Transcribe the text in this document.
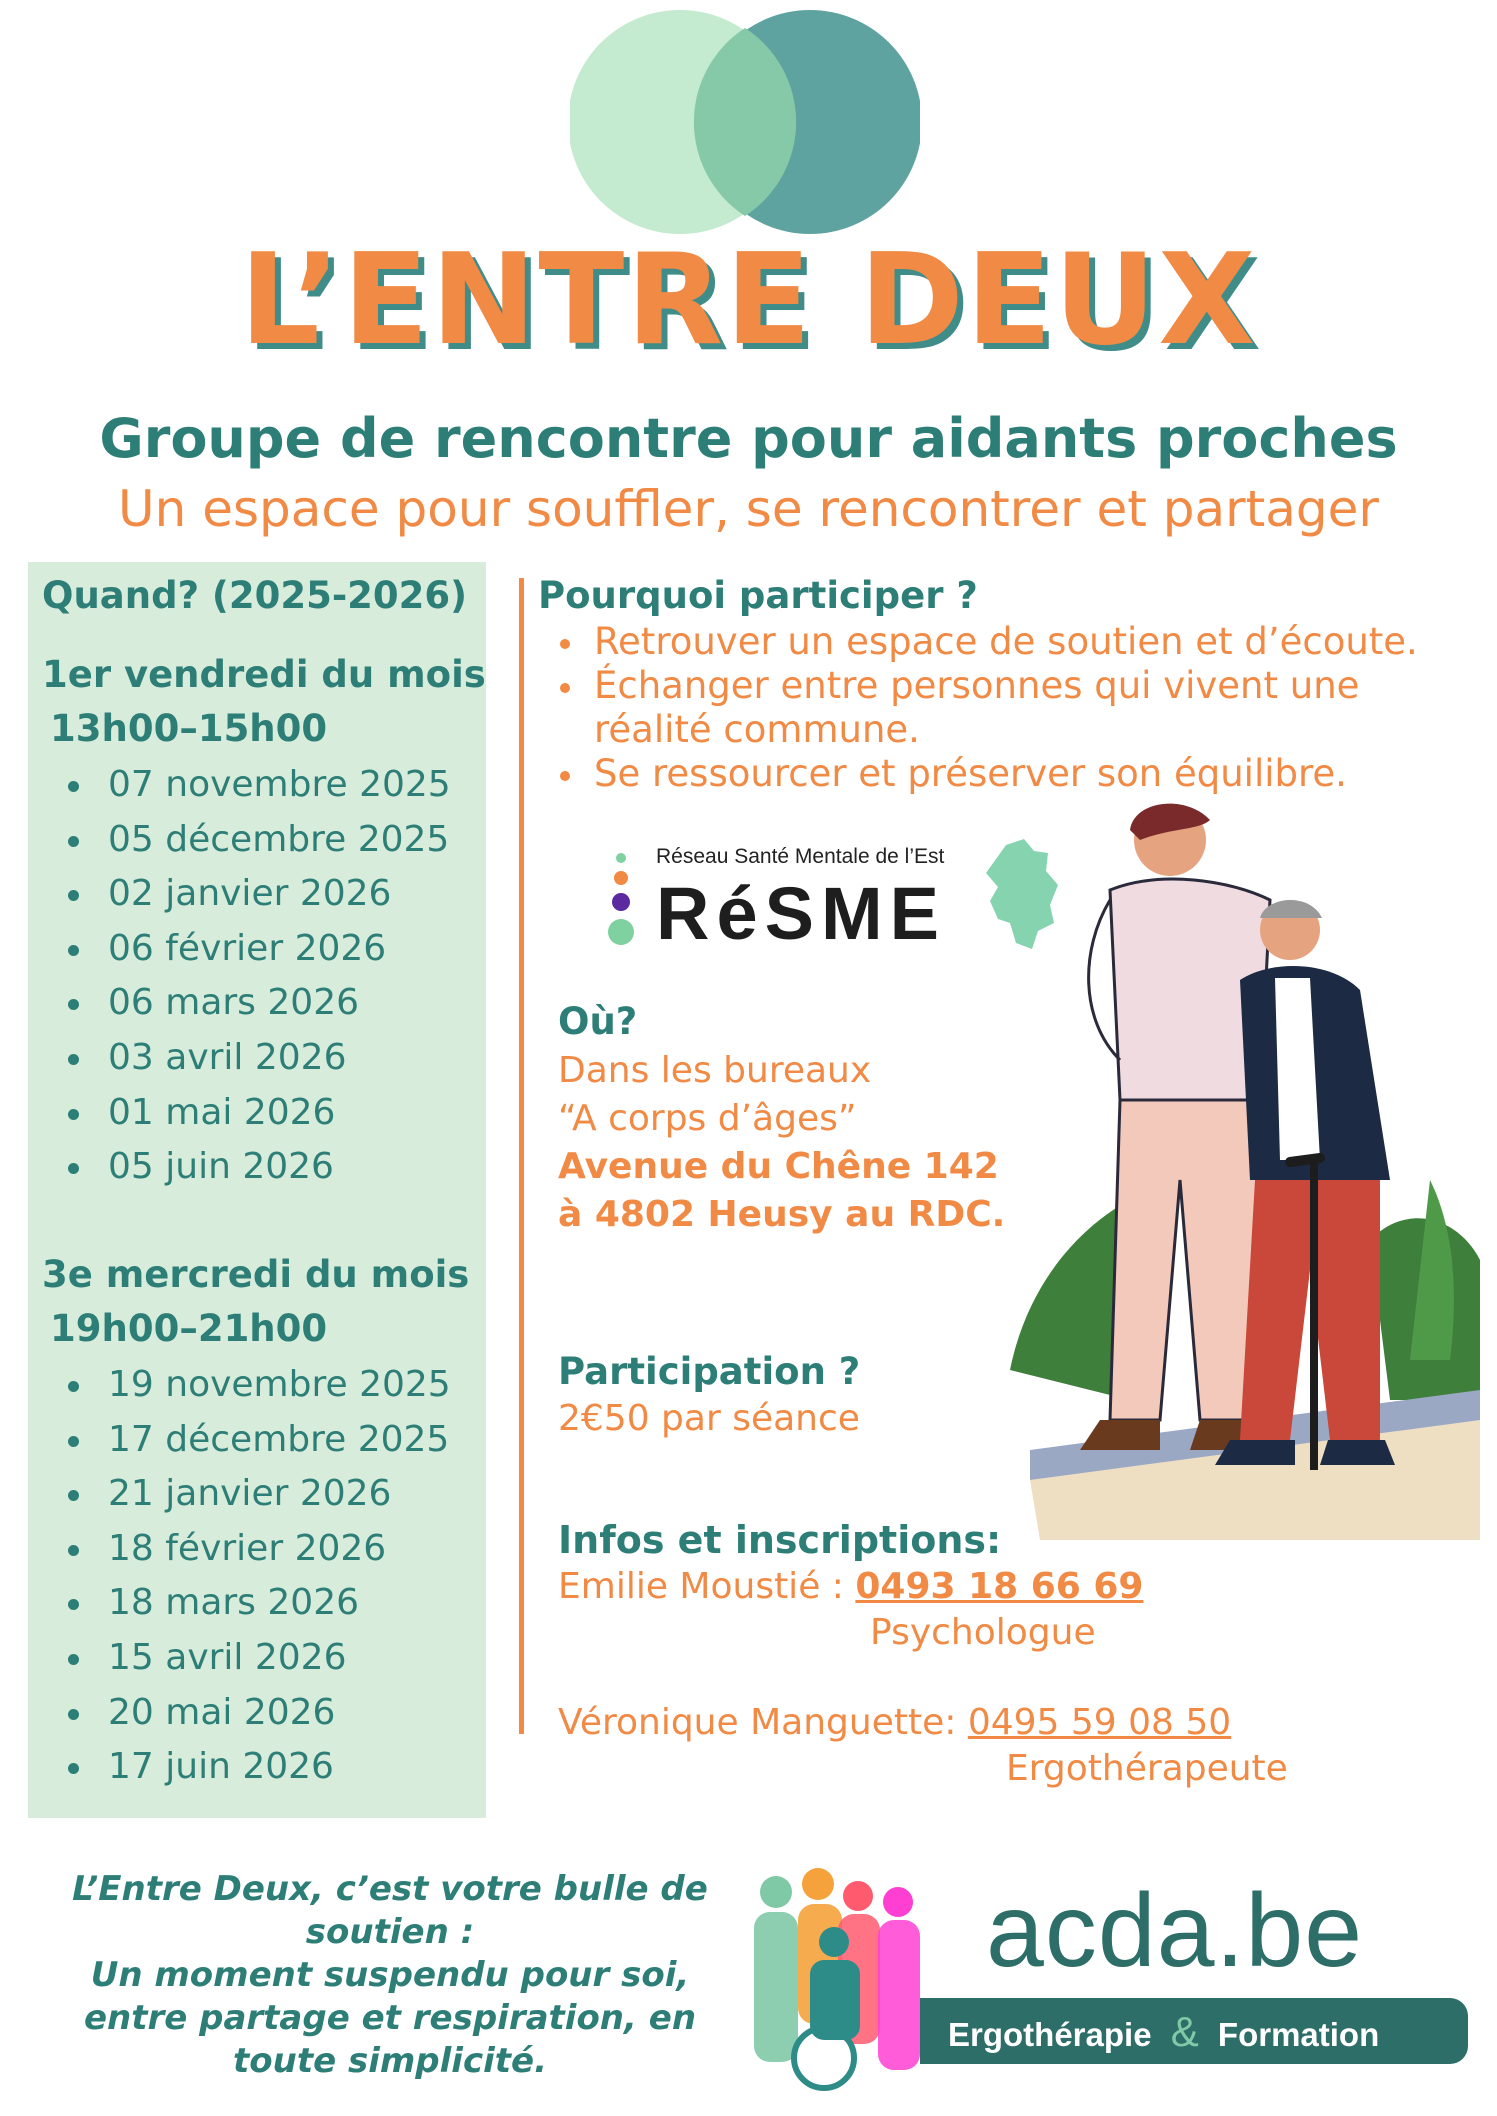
L’ENTRE DEUX
Groupe de rencontre pour aidants proches
Un espace pour souffler, se rencontrer et partager
Quand? (2025-2026)
1er vendredi du mois
13h00–15h00
07 novembre 2025
05 décembre 2025
02 janvier 2026
06 février 2026
06 mars 2026
03 avril 2026
01 mai 2026
05 juin 2026
3e mercredi du mois
19h00–21h00
19 novembre 2025
17 décembre 2025
21 janvier 2026
18 février 2026
18 mars 2026
15 avril 2026
20 mai 2026
17 juin 2026
Pourquoi participer ?
Retrouver un espace de soutien et d’écoute.
Échanger entre personnes qui vivent une réalité commune.
Se ressourcer et préserver son équilibre.
Réseau Santé Mentale de l’Est
RéSME
Où?
Dans les bureaux
“A corps d’âges”
Avenue du Chêne 142
à 4802 Heusy au RDC.
Participation ?
2€50 par séance
Infos et inscriptions:
Emilie Moustié : 0493 18 66 69
Psychologue
Véronique Manguette: 0495 59 08 50
Ergothérapeute
L’Entre Deux, c’est votre bulle de
soutien :
Un moment suspendu pour soi,
entre partage et respiration, en
toute simplicité.
acda.be
Ergothérapie & Formation
